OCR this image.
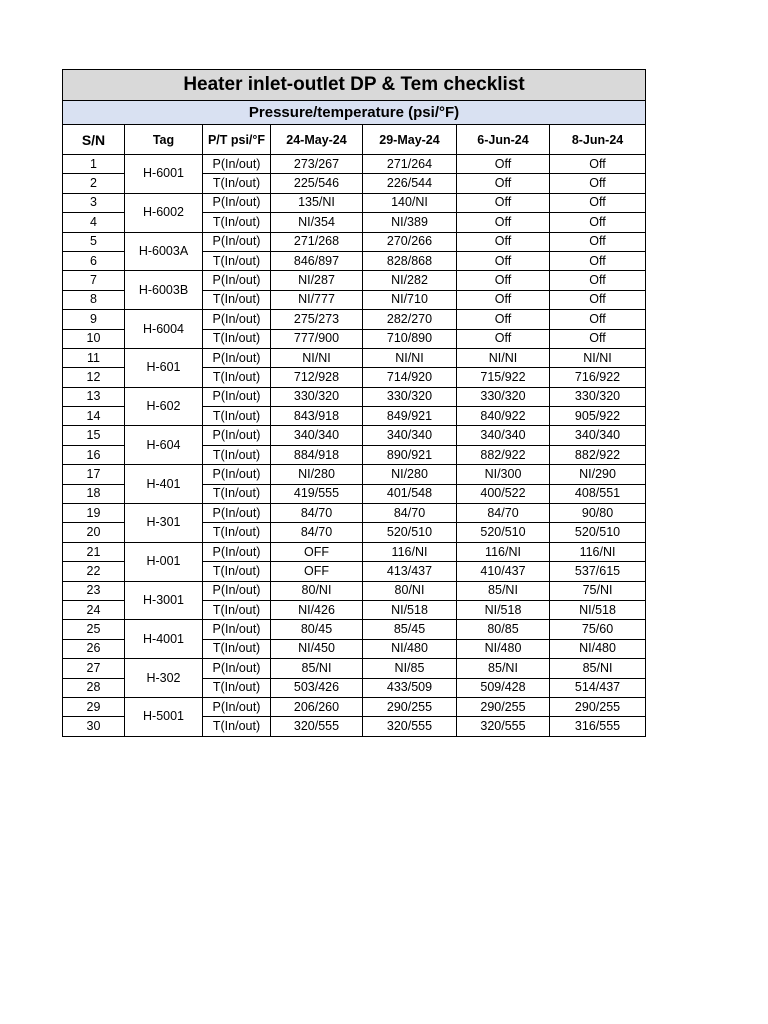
Heater inlet-outlet DP & Tem checklist						
Pressure/temperature (psi/°F)						
S/N	Tag	P/T psi/°F	24-May-24	29-May-24	6-Jun-24	8-Jun-24
1	H-6001	P(In/out)	273/267	271/264	Off	Off
2		T(In/out)	225/546	226/544	Off	Off
3	H-6002	P(In/out)	135/NI	140/NI	Off	Off
4		T(In/out)	NI/354	NI/389	Off	Off
5	H-6003A	P(In/out)	271/268	270/266	Off	Off
6		T(In/out)	846/897	828/868	Off	Off
7	H-6003B	P(In/out)	NI/287	NI/282	Off	Off
8		T(In/out)	NI/777	NI/710	Off	Off
9	H-6004	P(In/out)	275/273	282/270	Off	Off
10		T(In/out)	777/900	710/890	Off	Off
11	H-601	P(In/out)	NI/NI	NI/NI	NI/NI	NI/NI
12		T(In/out)	712/928	714/920	715/922	716/922
13	H-602	P(In/out)	330/320	330/320	330/320	330/320
14		T(In/out)	843/918	849/921	840/922	905/922
15	H-604	P(In/out)	340/340	340/340	340/340	340/340
16		T(In/out)	884/918	890/921	882/922	882/922
17	H-401	P(In/out)	NI/280	NI/280	NI/300	NI/290
18		T(In/out)	419/555	401/548	400/522	408/551
19	H-301	P(In/out)	84/70	84/70	84/70	90/80
20		T(In/out)	84/70	520/510	520/510	520/510
21	H-001	P(In/out)	OFF	116/NI	116/NI	116/NI
22		T(In/out)	OFF	413/437	410/437	537/615
23	H-3001	P(In/out)	80/NI	80/NI	85/NI	75/NI
24		T(In/out)	NI/426	NI/518	NI/518	NI/518
25	H-4001	P(In/out)	80/45	85/45	80/85	75/60
26		T(In/out)	NI/450	NI/480	NI/480	NI/480
27	H-302	P(In/out)	85/NI	NI/85	85/NI	85/NI
28		T(In/out)	503/426	433/509	509/428	514/437
29	H-5001	P(In/out)	206/260	290/255	290/255	290/255
30		T(In/out)	320/555	320/555	320/555	316/555
